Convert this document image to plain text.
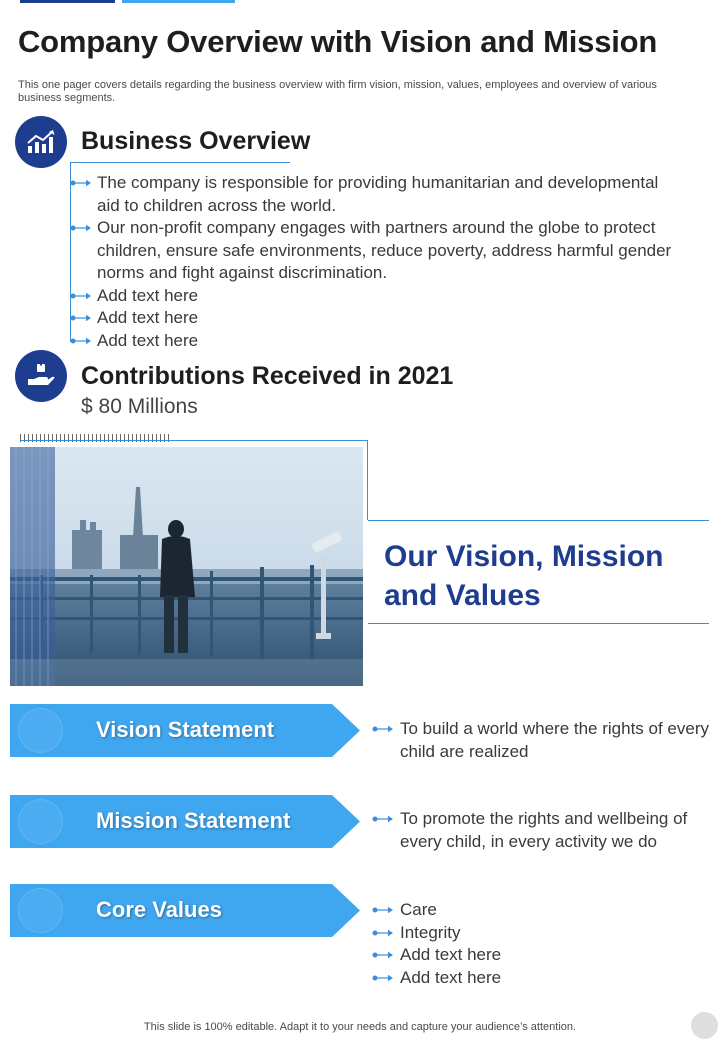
Company Overview with Vision and Mission

This one pager covers details regarding the business overview with firm vision, mission, values, employees and overview of various business segments.

Business Overview
The company is responsible for providing humanitarian and developmental aid to children across the world.
Our non-profit company engages with partners around the globe to protect children, ensure safe environments, reduce poverty, address harmful gender norms and fight against discrimination.
Add text here
Add text here
Add text here
Contributions Received in 2021
$ 80 Millions
Our Vision, Mission and Values
Vision Statement	To build a world where the rights of every child are realized
Mission Statement	To promote the rights and wellbeing of every child, in every activity we do
Core Values	Care
Integrity
Add text here
Add text here
This slide is 100% editable. Adapt it to your needs and capture your audience’s attention.
